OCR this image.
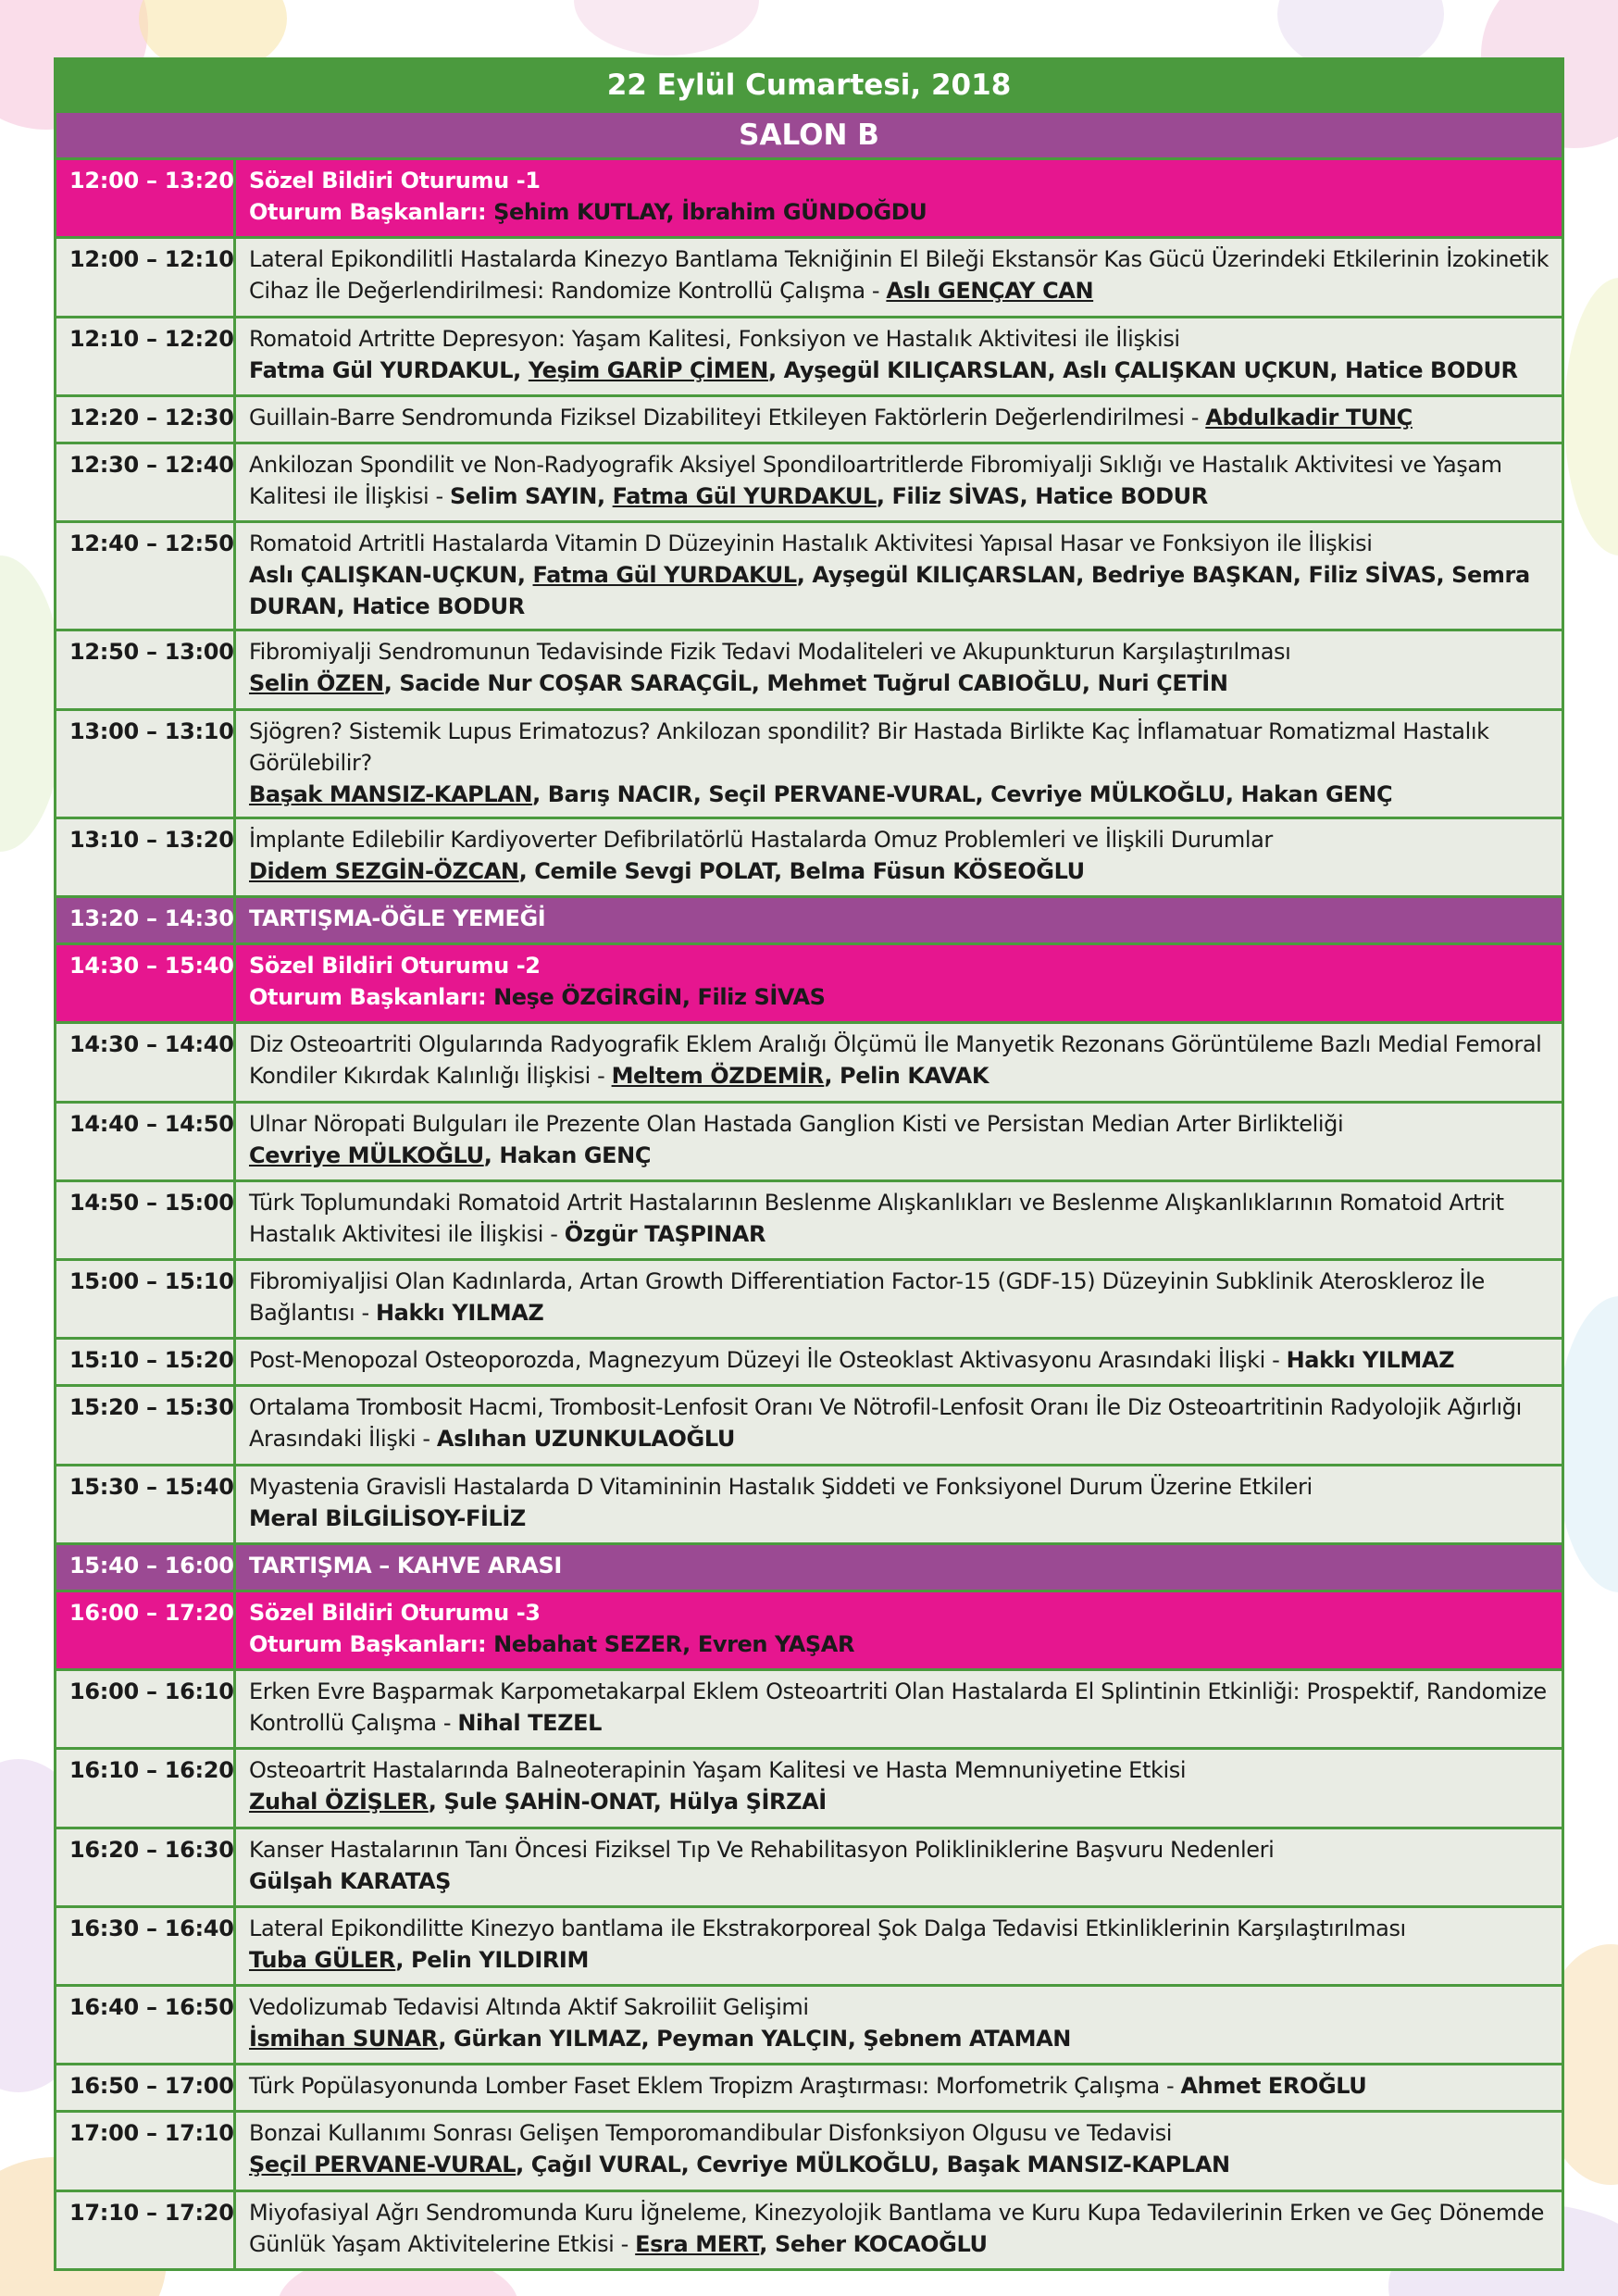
22 Eylül Cumartesi, 2018
SALON B
12:00 – 13:20 Sözel Bildiri Oturumu -1
Oturum Başkanları: Şehim KUTLAY, İbrahim GÜNDOĞDU
12:00 – 12:10 Lateral Epikondilitli Hastalarda Kinezyo Bantlama Tekniğinin El Bileği Ekstansör Kas Gücü Üzerindeki Etkilerinin İzokinetik Cihaz İle Değerlendirilmesi: Randomize Kontrollü Çalışma - Aslı GENÇAY CAN
12:10 – 12:20 Romatoid Artritte Depresyon: Yaşam Kalitesi, Fonksiyon ve Hastalık Aktivitesi ile İlişkisi
Fatma Gül YURDAKUL, Yeşim GARİP ÇİMEN, Ayşegül KILIÇARSLAN, Aslı ÇALIŞKAN UÇKUN, Hatice BODUR
12:20 – 12:30 Guillain-Barre Sendromunda Fiziksel Dizabiliteyi Etkileyen Faktörlerin Değerlendirilmesi - Abdulkadir TUNÇ
12:30 – 12:40 Ankilozan Spondilit ve Non-Radyografik Aksiyel Spondiloartritlerde Fibromiyalji Sıklığı ve Hastalık Aktivitesi ve Yaşam Kalitesi ile İlişkisi - Selim SAYIN, Fatma Gül YURDAKUL, Filiz SİVAS, Hatice BODUR
12:40 – 12:50 Romatoid Artritli Hastalarda Vitamin D Düzeyinin Hastalık Aktivitesi Yapısal Hasar ve Fonksiyon ile İlişkisi
Aslı ÇALIŞKAN-UÇKUN, Fatma Gül YURDAKUL, Ayşegül KILIÇARSLAN, Bedriye BAŞKAN, Filiz SİVAS, Semra DURAN, Hatice BODUR
12:50 – 13:00 Fibromiyalji Sendromunun Tedavisinde Fizik Tedavi Modaliteleri ve Akupunkturun Karşılaştırılması
Selin ÖZEN, Sacide Nur COŞAR SARAÇGİL, Mehmet Tuğrul CABIOĞLU, Nuri ÇETİN
13:00 – 13:10 Sjögren? Sistemik Lupus Erimatozus? Ankilozan spondilit? Bir Hastada Birlikte Kaç İnflamatuar Romatizmal Hastalık Görülebilir?
Başak MANSIZ-KAPLAN, Barış NACIR, Seçil PERVANE-VURAL, Cevriye MÜLKOĞLU, Hakan GENÇ
13:10 – 13:20 İmplante Edilebilir Kardiyoverter Defibrilatörlü Hastalarda Omuz Problemleri ve İlişkili Durumlar
Didem SEZGİN-ÖZCAN, Cemile Sevgi POLAT, Belma Füsun KÖSEOĞLU
13:20 – 14:30 TARTIŞMA-ÖĞLE YEMEĞİ
14:30 – 15:40 Sözel Bildiri Oturumu -2
Oturum Başkanları: Neşe ÖZGİRGİN, Filiz SİVAS
14:30 – 14:40 Diz Osteoartriti Olgularında Radyografik Eklem Aralığı Ölçümü İle Manyetik Rezonans Görüntüleme Bazlı Medial Femoral Kondiler Kıkırdak Kalınlığı İlişkisi - Meltem ÖZDEMİR, Pelin KAVAK
14:40 – 14:50 Ulnar Nöropati Bulguları ile Prezente Olan Hastada Ganglion Kisti ve Persistan Median Arter Birlikteliği
Cevriye MÜLKOĞLU, Hakan GENÇ
14:50 – 15:00 Türk Toplumundaki Romatoid Artrit Hastalarının Beslenme Alışkanlıkları ve Beslenme Alışkanlıklarının Romatoid Artrit Hastalık Aktivitesi ile İlişkisi - Özgür TAŞPINAR
15:00 – 15:10 Fibromiyaljisi Olan Kadınlarda, Artan Growth Differentiation Factor-15 (GDF-15) Düzeyinin Subklinik Ateroskleroz İle Bağlantısı - Hakkı YILMAZ
15:10 – 15:20 Post-Menopozal Osteoporozda, Magnezyum Düzeyi İle Osteoklast Aktivasyonu Arasındaki İlişki - Hakkı YILMAZ
15:20 – 15:30 Ortalama Trombosit Hacmi, Trombosit-Lenfosit Oranı Ve Nötrofil-Lenfosit Oranı İle Diz Osteoartritinin Radyolojik Ağırlığı Arasındaki İlişki - Aslıhan UZUNKULAOĞLU
15:30 – 15:40 Myastenia Gravisli Hastalarda D Vitamininin Hastalık Şiddeti ve Fonksiyonel Durum Üzerine Etkileri
Meral BİLGİLİSOY-FİLİZ
15:40 – 16:00 TARTIŞMA – KAHVE ARASI
16:00 – 17:20 Sözel Bildiri Oturumu -3
Oturum Başkanları: Nebahat SEZER, Evren YAŞAR
16:00 – 16:10 Erken Evre Başparmak Karpometakarpal Eklem Osteoartriti Olan Hastalarda El Splintinin Etkinliği: Prospektif, Randomize Kontrollü Çalışma - Nihal TEZEL
16:10 – 16:20 Osteoartrit Hastalarında Balneoterapinin Yaşam Kalitesi ve Hasta Memnuniyetine Etkisi
Zuhal ÖZİŞLER, Şule ŞAHİN-ONAT, Hülya ŞİRZAİ
16:20 – 16:30 Kanser Hastalarının Tanı Öncesi Fiziksel Tıp Ve Rehabilitasyon Polikliniklerine Başvuru Nedenleri
Gülşah KARATAŞ
16:30 – 16:40 Lateral Epikondilitte Kinezyo bantlama ile Ekstrakorporeal Şok Dalga Tedavisi Etkinliklerinin Karşılaştırılması
Tuba GÜLER, Pelin YILDIRIM
16:40 – 16:50 Vedolizumab Tedavisi Altında Aktif Sakroiliit Gelişimi
İsmihan SUNAR, Gürkan YILMAZ, Peyman YALÇIN, Şebnem ATAMAN
16:50 – 17:00 Türk Popülasyonunda Lomber Faset Eklem Tropizm Araştırması: Morfometrik Çalışma - Ahmet EROĞLU
17:00 – 17:10 Bonzai Kullanımı Sonrası Gelişen Temporomandibular Disfonksiyon Olgusu ve Tedavisi
Şeçil PERVANE-VURAL, Çağıl VURAL, Cevriye MÜLKOĞLU, Başak MANSIZ-KAPLAN
17:10 – 17:20 Miyofasiyal Ağrı Sendromunda Kuru İğneleme, Kinezyolojik Bantlama ve Kuru Kupa Tedavilerinin Erken ve Geç Dönemde Günlük Yaşam Aktivitelerine Etkisi - Esra MERT, Seher KOCAOĞLU
